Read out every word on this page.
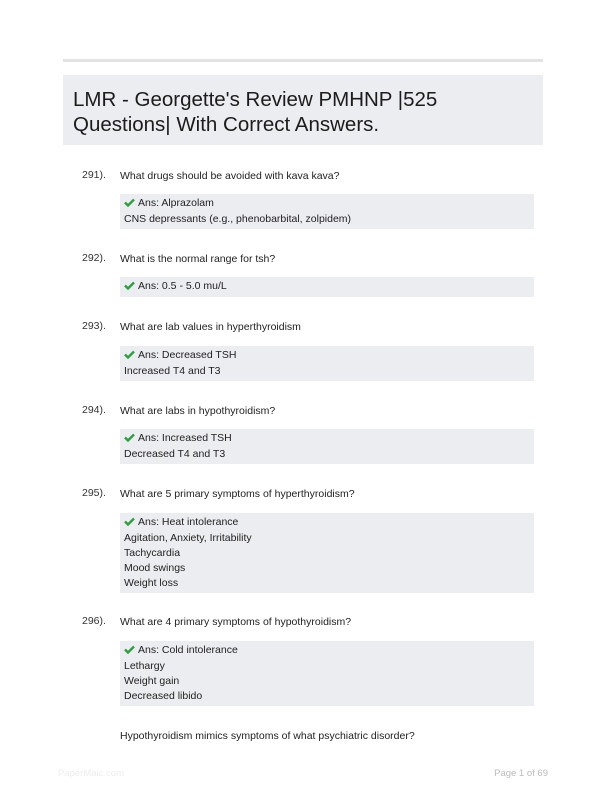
LMR - Georgette's Review PMHNP |525 Questions| With Correct Answers.
291). What drugs should be avoided with kava kava?
Ans: Alprazolam
CNS depressants (e.g., phenobarbital, zolpidem)
292). What is the normal range for tsh?
Ans: 0.5 - 5.0 mu/L
293). What are lab values in hyperthyroidism
Ans: Decreased TSH
Increased T4 and T3
294). What are labs in hypothyroidism?
Ans: Increased TSH
Decreased T4 and T3
295). What are 5 primary symptoms of hyperthyroidism?
Ans: Heat intolerance
Agitation, Anxiety, Irritability
Tachycardia
Mood swings
Weight loss
296). What are 4 primary symptoms of hypothyroidism?
Ans: Cold intolerance
Lethargy
Weight gain
Decreased libido
Hypothyroidism mimics symptoms of what psychiatric disorder?
PaperMaic.com	Page 1 of 69
